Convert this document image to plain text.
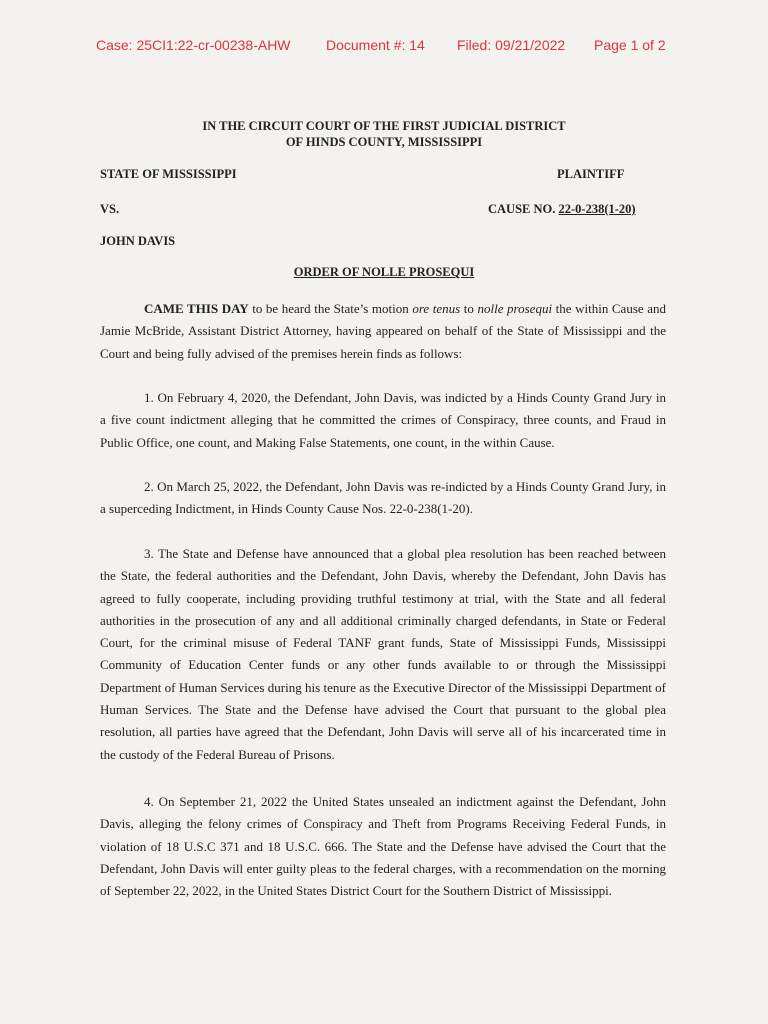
Case: 25CI1:22-cr-00238-AHW	Document #: 14 Filed: 09/21/2022 Page 1 of 2
IN THE CIRCUIT COURT OF THE FIRST JUDICIAL DISTRICT
OF HINDS COUNTY, MISSISSIPPI
STATE OF MISSISSIPPI	PLAINTIFF
VS.	CAUSE NO. 22-0-238(1-20)
JOHN DAVIS
ORDER OF NOLLE PROSEQUI
CAME THIS DAY to be heard the State’s motion ore tenus to nolle prosequi the within Cause and Jamie McBride, Assistant District Attorney, having appeared on behalf of the State of Mississippi and the Court and being fully advised of the premises herein finds as follows:
1. On February 4, 2020, the Defendant, John Davis, was indicted by a Hinds County Grand Jury in a five count indictment alleging that he committed the crimes of Conspiracy, three counts, and Fraud in Public Office, one count, and Making False Statements, one count, in the within Cause.
2. On March 25, 2022, the Defendant, John Davis was re-indicted by a Hinds County Grand Jury, in a superceding Indictment, in Hinds County Cause Nos. 22-0-238(1-20).
3. The State and Defense have announced that a global plea resolution has been reached between the State, the federal authorities and the Defendant, John Davis, whereby the Defendant, John Davis has agreed to fully cooperate, including providing truthful testimony at trial, with the State and all federal authorities in the prosecution of any and all additional criminally charged defendants, in State or Federal Court, for the criminal misuse of Federal TANF grant funds, State of Mississippi Funds, Mississippi Community of Education Center funds or any other funds available to or through the Mississippi Department of Human Services during his tenure as the Executive Director of the Mississippi Department of Human Services. The State and the Defense have advised the Court that pursuant to the global plea resolution, all parties have agreed that the Defendant, John Davis will serve all of his incarcerated time in the custody of the Federal Bureau of Prisons.
4. On September 21, 2022 the United States unsealed an indictment against the Defendant, John Davis, alleging the felony crimes of Conspiracy and Theft from Programs Receiving Federal Funds, in violation of 18 U.S.C 371 and 18 U.S.C. 666. The State and the Defense have advised the Court that the Defendant, John Davis will enter guilty pleas to the federal charges, with a recommendation on the morning of September 22, 2022, in the United States District Court for the Southern District of Mississippi.
